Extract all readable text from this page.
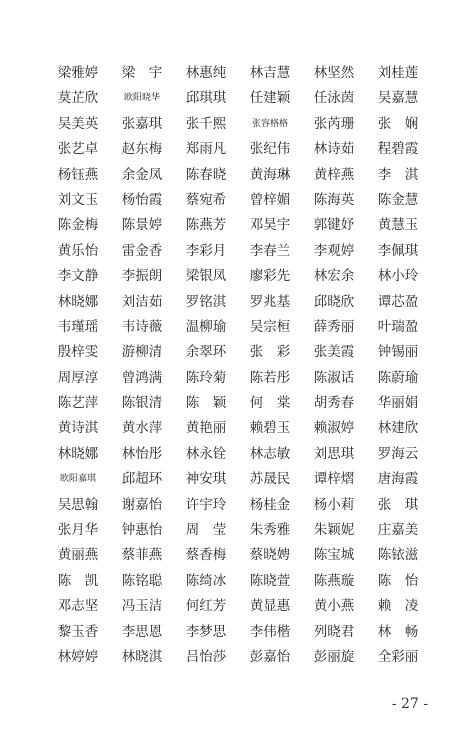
梁雅婷	梁　宇	林惠纯	林吉慧	林坚然	刘桂莲
莫芷欣	欧阳晓华	邱琪琪	任建颖	任泳茵	吴嘉慧
吴美英	张嘉琪	张千熙	张容格格	张芮珊	张　娴
张艺卓	赵东梅	郑雨凡	张纪伟	林诗茹	程碧霞
杨钰燕	余金凤	陈春晓	黄海琳	黄梓燕	李　淇
刘文玉	杨怡霞	蔡宛希	曾梓媚	陈海英	陈金慧
陈金梅	陈景婷	陈燕芳	邓昊宇	郭键妤	黄慧玉
黄乐怡	雷金香	李彩月	李春兰	李观婷	李佩琪
李文静	李振朗	梁银凤	廖彩先	林宏余	林小玲
林晓娜	刘洁茹	罗铭淇	罗兆基	邱晓欣	谭芯盈
韦瑾瑶	韦诗薇	温柳瑜	吴宗桓	薛秀丽	叶瑞盈
殷梓雯	游柳清	余翠环	张　彩	张美霞	钟锡丽
周厚淳	曾鸿满	陈玲菊	陈若彤	陈淑话	陈蔚瑜
陈艺萍	陈银清	陈　颖	何　棠	胡秀春	华丽娟
黄诗淇	黄水萍	黄艳丽	赖碧玉	赖淑婷	林建欣
林晓娜	林怡彤	林永铨	林志敏	刘思琪	罗海云
欧阳嘉琪	邱超环	神安琪	苏晟民	谭梓熠	唐海霞
吴思翰	谢嘉怡	许宇玲	杨桂金	杨小莉	张　琪
张月华	钟惠怡	周　莹	朱秀雅	朱颖妮	庄嘉美
黄丽燕	蔡菲燕	蔡香梅	蔡晓娉	陈宝城	陈铱滋
陈　凯	陈铭聪	陈绮冰	陈晓萱	陈燕璇	陈　怡
邓志坚	冯玉洁	何红芳	黄显惠	黄小燕	赖　凌
黎玉香	李思恩	李梦思	李伟楷	列晓君	林　畅
林婷婷	林晓淇	吕怡莎	彭嘉怡	彭丽旋	全彩丽
- 27 -
